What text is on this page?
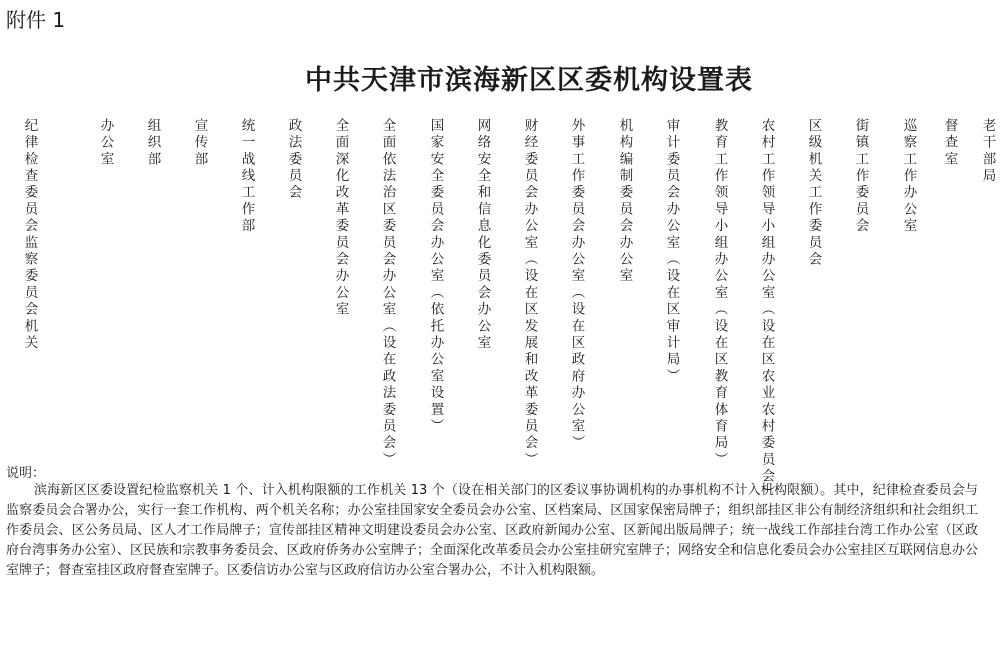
附件 1
中共天津市滨海新区区委机构设置表
纪律检查委员会监察委员会机关	办公室 组织部 宣传部 统一战线工作部 政法委员会 全面深化改革委员会办公室 全面依法治区委员会办公室（设在政法委员会） 国家安全委员会办公室（依托办公室设置） 网络安全和信息化委员会办公室 财经委员会办公室（设在区发展和改革委员会） 外事工作委员会办公室（设在区政府办公室） 机构编制委员会办公室 审计委员会办公室（设在区审计局） 教育工作领导小组办公室（设在区教育体育局） 农村工作领导小组办公室（设在区农业农村委员会） 区级机关工作委员会 街镇工作委员会 巡察工作办公室 督查室 老干部局
说明：
滨海新区区委设置纪检监察机关 1 个、计入机构限额的工作机关 13 个（设在相关部门的区委议事协调机构的办事机构不计入机构限额）。其中，纪律检查委员会与监察委员会合署办公，实行一套工作机构、两个机关名称；办公室挂国家安全委员会办公室、区档案局、区国家保密局牌子；组织部挂区非公有制经济组织和社会组织工作委员会、区公务员局、区人才工作局牌子；宣传部挂区精神文明建设委员会办公室、区政府新闻办公室、区新闻出版局牌子；统一战线工作部挂台湾工作办公室（区政府台湾事务办公室）、区民族和宗教事务委员会、区政府侨务办公室牌子；全面深化改革委员会办公室挂研究室牌子；网络安全和信息化委员会办公室挂区互联网信息办公室牌子；督查室挂区政府督查室牌子。区委信访办公室与区政府信访办公室合署办公，不计入机构限额。
